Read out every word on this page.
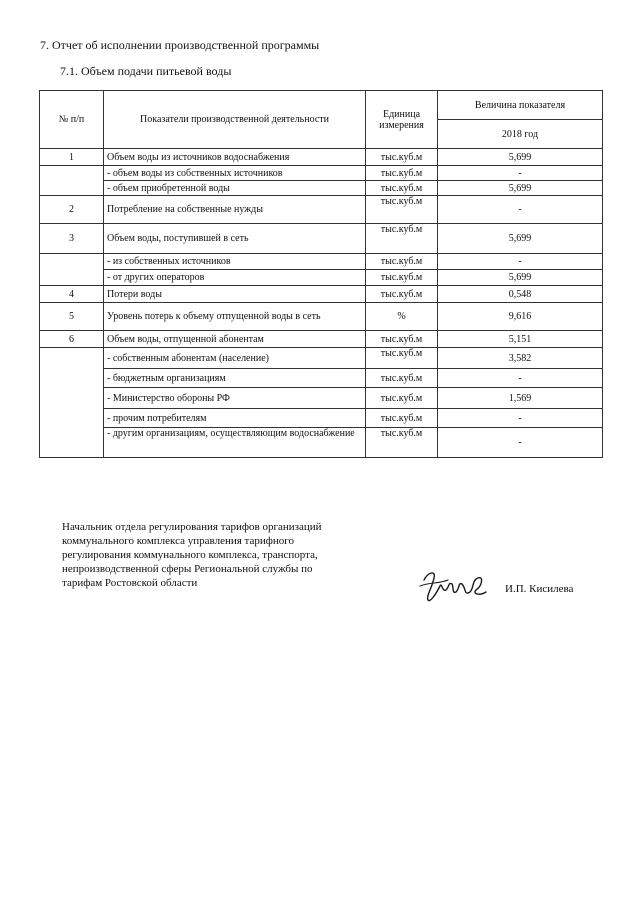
7. Отчет об исполнении производственной программы
7.1. Объем подачи питьевой воды
№ п/п	Показатели производственной деятельности	Единица измерения	Величина показателя
			2018 год
1	Объем воды из источников водоснабжения	тыс.куб.м	5,699
	- объем воды из собственных источников	тыс.куб.м	-
	- объем приобретенной воды	тыс.куб.м	5,699
2	Потребление на собственные нужды	тыс.куб.м	-
3	Объем воды, поступившей в сеть	тыс.куб.м	5,699
	- из собственных источников	тыс.куб.м	-
	- от других операторов	тыс.куб.м	5,699
4	Потери воды	тыс.куб.м	0,548
5	Уровень потерь к объему отпущенной воды в сеть	%	9,616
6	Объем воды, отпущенной абонентам	тыс.куб.м	5,151
	- собственным абонентам (население)	тыс.куб.м	3,582
	- бюджетным организациям	тыс.куб.м	-
	- Министерство обороны РФ	тыс.куб.м	1,569
	- прочим потребителям	тыс.куб.м	-
	- другим организациям, осуществляющим водоснабжение	тыс.куб.м	-
Начальник отдела регулирования тарифов организаций
коммунального комплекса управления тарифного
регулирования коммунального комплекса, транспорта,
непроизводственной сферы Региональной службы по
тарифам Ростовской области	И.П. Кисилева
